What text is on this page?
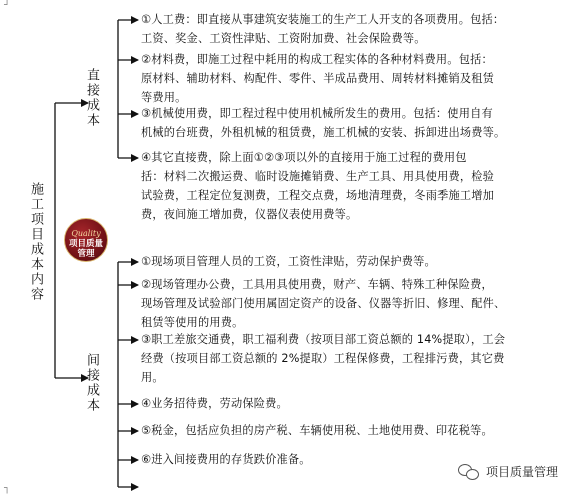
┘
┐
施工项目成本内容
直接成本
间接成本
Quality
项目质量管理
①人工费：即直接从事建筑安装施工的生产工人开支的各项费用。包括：
工资、奖金、工资性津贴、工资附加费、社会保险费等。
②材料费，即施工过程中耗用的构成工程实体的各种材料费用。包括：
原材料、辅助材料、构配件、零件、半成品费用、周转材料摊销及租赁
等费用。
③机械使用费，即工程过程中使用机械所发生的费用。包括：使用自有
机械的台班费，外租机械的租赁费，施工机械的安装、拆卸进出场费等。
④其它直接费，除上面①②③项以外的直接用于施工过程的费用包
括：材料二次搬运费、临时设施摊销费、生产工具、用具使用费，检验
试验费，工程定位复测费，工程交点费，场地清理费，冬雨季施工增加
费，夜间施工增加费，仪器仪表使用费等。
①现场项目管理人员的工资，工资性津贴，劳动保护费等。
②现场管理办公费，工具用具使用费，财产、车辆、特殊工种保险费，
现场管理及试验部门使用属固定资产的设备、仪器等折旧、修理、配件、
租赁等使用的用费。
③职工差旅交通费，职工福利费（按项目部工资总额的 14%提取），工会
经费（按项目部工资总额的 2%提取）工程保修费，工程排污费，其它费
用。
④业务招待费，劳动保险费。
⑤税金，包括应负担的房产税、车辆使用税、土地使用费、印花税等。
⑥进入间接费用的存货跌价准备。
项目质量管理
